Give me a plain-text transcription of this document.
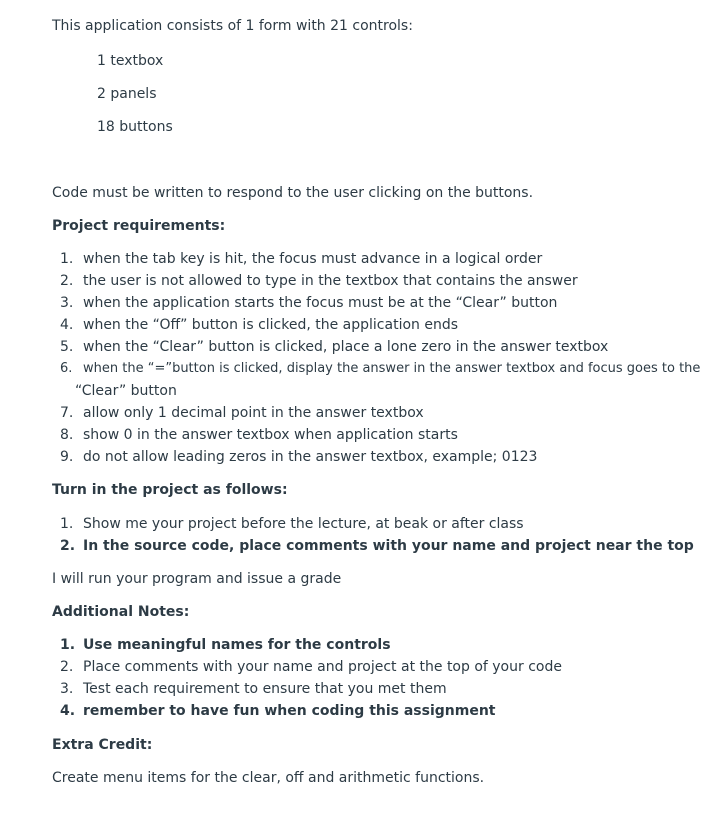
This application consists of 1 form with 21 controls:
1 textbox
2 panels
18 buttons
Code must be written to respond to the user clicking on the buttons.
Project requirements:
1. when the tab key is hit, the focus must advance in a logical order
2. the user is not allowed to type in the textbox that contains the answer
3. when the application starts the focus must be at the “Clear” button
4. when the “Off” button is clicked, the application ends
5. when the “Clear” button is clicked, place a lone zero in the answer textbox
6. when the “=”button is clicked, display the answer in the answer textbox and focus goes to the
“Clear” button
7. allow only 1 decimal point in the answer textbox
8. show 0 in the answer textbox when application starts
9. do not allow leading zeros in the answer textbox, example; 0123
Turn in the project as follows:
1. Show me your project before the lecture, at beak or after class
2. In the source code, place comments with your name and project near the top
I will run your program and issue a grade
Additional Notes:
1. Use meaningful names for the controls
2. Place comments with your name and project at the top of your code
3. Test each requirement to ensure that you met them
4. remember to have fun when coding this assignment
Extra Credit:
Create menu items for the clear, off and arithmetic functions.
